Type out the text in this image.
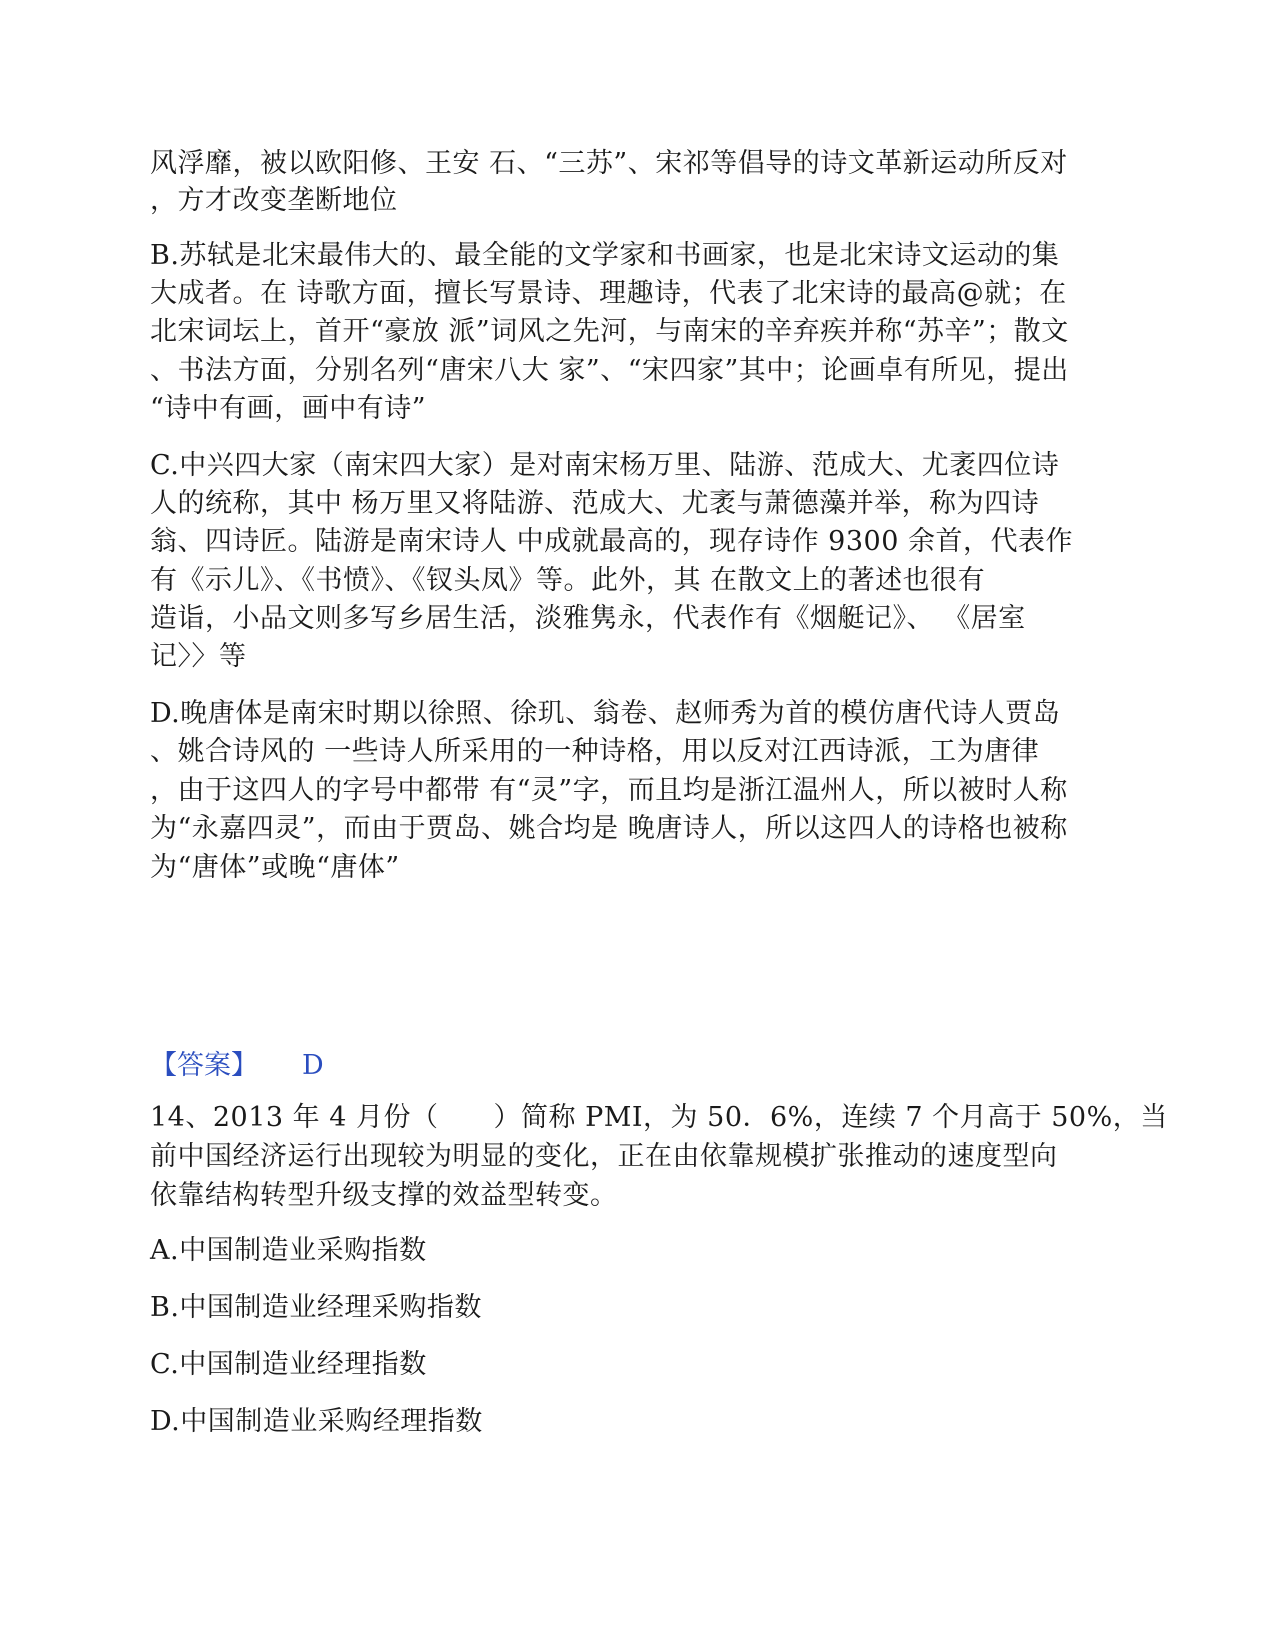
风浮靡，被以欧阳修、王安 石、“三苏”、宋祁等倡导的诗文革新运动所反对
，方才改变垄断地位
B.苏轼是北宋最伟大的、最全能的文学家和书画家，也是北宋诗文运动的集
大成者。在 诗歌方面，擅长写景诗、理趣诗，代表了北宋诗的最高@就；在
北宋词坛上，首开“豪放 派”词风之先河，与南宋的辛弃疾并称“苏辛”；散文
、书法方面，分别名列“唐宋八大 家”、“宋四家”其中；论画卓有所见，提出
“诗中有画，画中有诗”
C.中兴四大家（南宋四大家）是对南宋杨万里、陆游、范成大、尤袤四位诗
人的统称，其中 杨万里又将陆游、范成大、尤袤与萧德藻并举，称为四诗
翁、四诗匠。陆游是南宋诗人 中成就最高的，现存诗作 9300 余首，代表作
有《示儿》、《书愤》、《钗头凤》等。此外，其 在散文上的著述也很有
造诣，小品文则多写乡居生活，淡雅隽永，代表作有《烟艇记》、 《居室
记〉〉等
D.晚唐体是南宋时期以徐照、徐玑、翁卷、赵师秀为首的模仿唐代诗人贾岛
、姚合诗风的 一些诗人所采用的一种诗格，用以反对江西诗派，工为唐律
，由于这四人的字号中都带 有“灵”字，而且均是浙江温州人，所以被时人称
为“永嘉四灵”，而由于贾岛、姚合均是 晚唐诗人，所以这四人的诗格也被称
为“唐体”或晚“唐体”
【答案】 D
14、2013 年 4 月份（　　）简称 PMI，为 50．6%，连续 7 个月高于 50%，当
前中国经济运行出现较为明显的变化，正在由依靠规模扩张推动的速度型向
依靠结构转型升级支撑的效益型转变。
A.中国制造业采购指数
B.中国制造业经理采购指数
C.中国制造业经理指数
D.中国制造业采购经理指数
